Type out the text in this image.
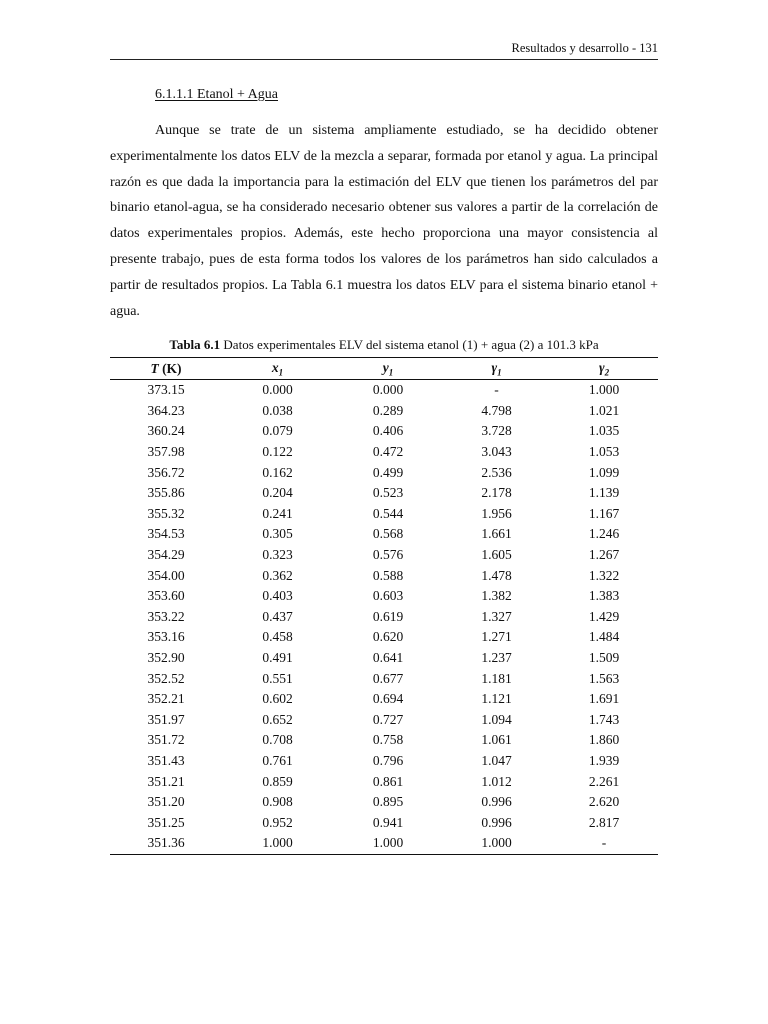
Resultados y desarrollo - 131
6.1.1.1 Etanol + Agua

Aunque se trate de un sistema ampliamente estudiado, se ha decidido obtener experimentalmente los datos ELV de la mezcla a separar, formada por etanol y agua. La principal razón es que dada la importancia para la estimación del ELV que tienen los parámetros del par binario etanol-agua, se ha considerado necesario obtener sus valores a partir de la correlación de datos experimentales propios. Además, este hecho proporciona una mayor consistencia al presente trabajo, pues de esta forma todos los valores de los parámetros han sido calculados a partir de resultados propios. La Tabla 6.1 muestra los datos ELV para el sistema binario etanol + agua.

Tabla 6.1 Datos experimentales ELV del sistema etanol (1) + agua (2) a 101.3 kPa
T (K)	$x_1$	$y_1$	$\gamma_1$	$\gamma_2$
373.15	0.000	0.000	-	1.000
364.23	0.038	0.289	4.798	1.021
360.24	0.079	0.406	3.728	1.035
357.98	0.122	0.472	3.043	1.053
356.72	0.162	0.499	2.536	1.099
355.86	0.204	0.523	2.178	1.139
355.32	0.241	0.544	1.956	1.167
354.53	0.305	0.568	1.661	1.246
354.29	0.323	0.576	1.605	1.267
354.00	0.362	0.588	1.478	1.322
353.60	0.403	0.603	1.382	1.383
353.22	0.437	0.619	1.327	1.429
353.16	0.458	0.620	1.271	1.484
352.90	0.491	0.641	1.237	1.509
352.52	0.551	0.677	1.181	1.563
352.21	0.602	0.694	1.121	1.691
351.97	0.652	0.727	1.094	1.743
351.72	0.708	0.758	1.061	1.860
351.43	0.761	0.796	1.047	1.939
351.21	0.859	0.861	1.012	2.261
351.20	0.908	0.895	0.996	2.620
351.25	0.952	0.941	0.996	2.817
351.36	1.000	1.000	1.000	-
